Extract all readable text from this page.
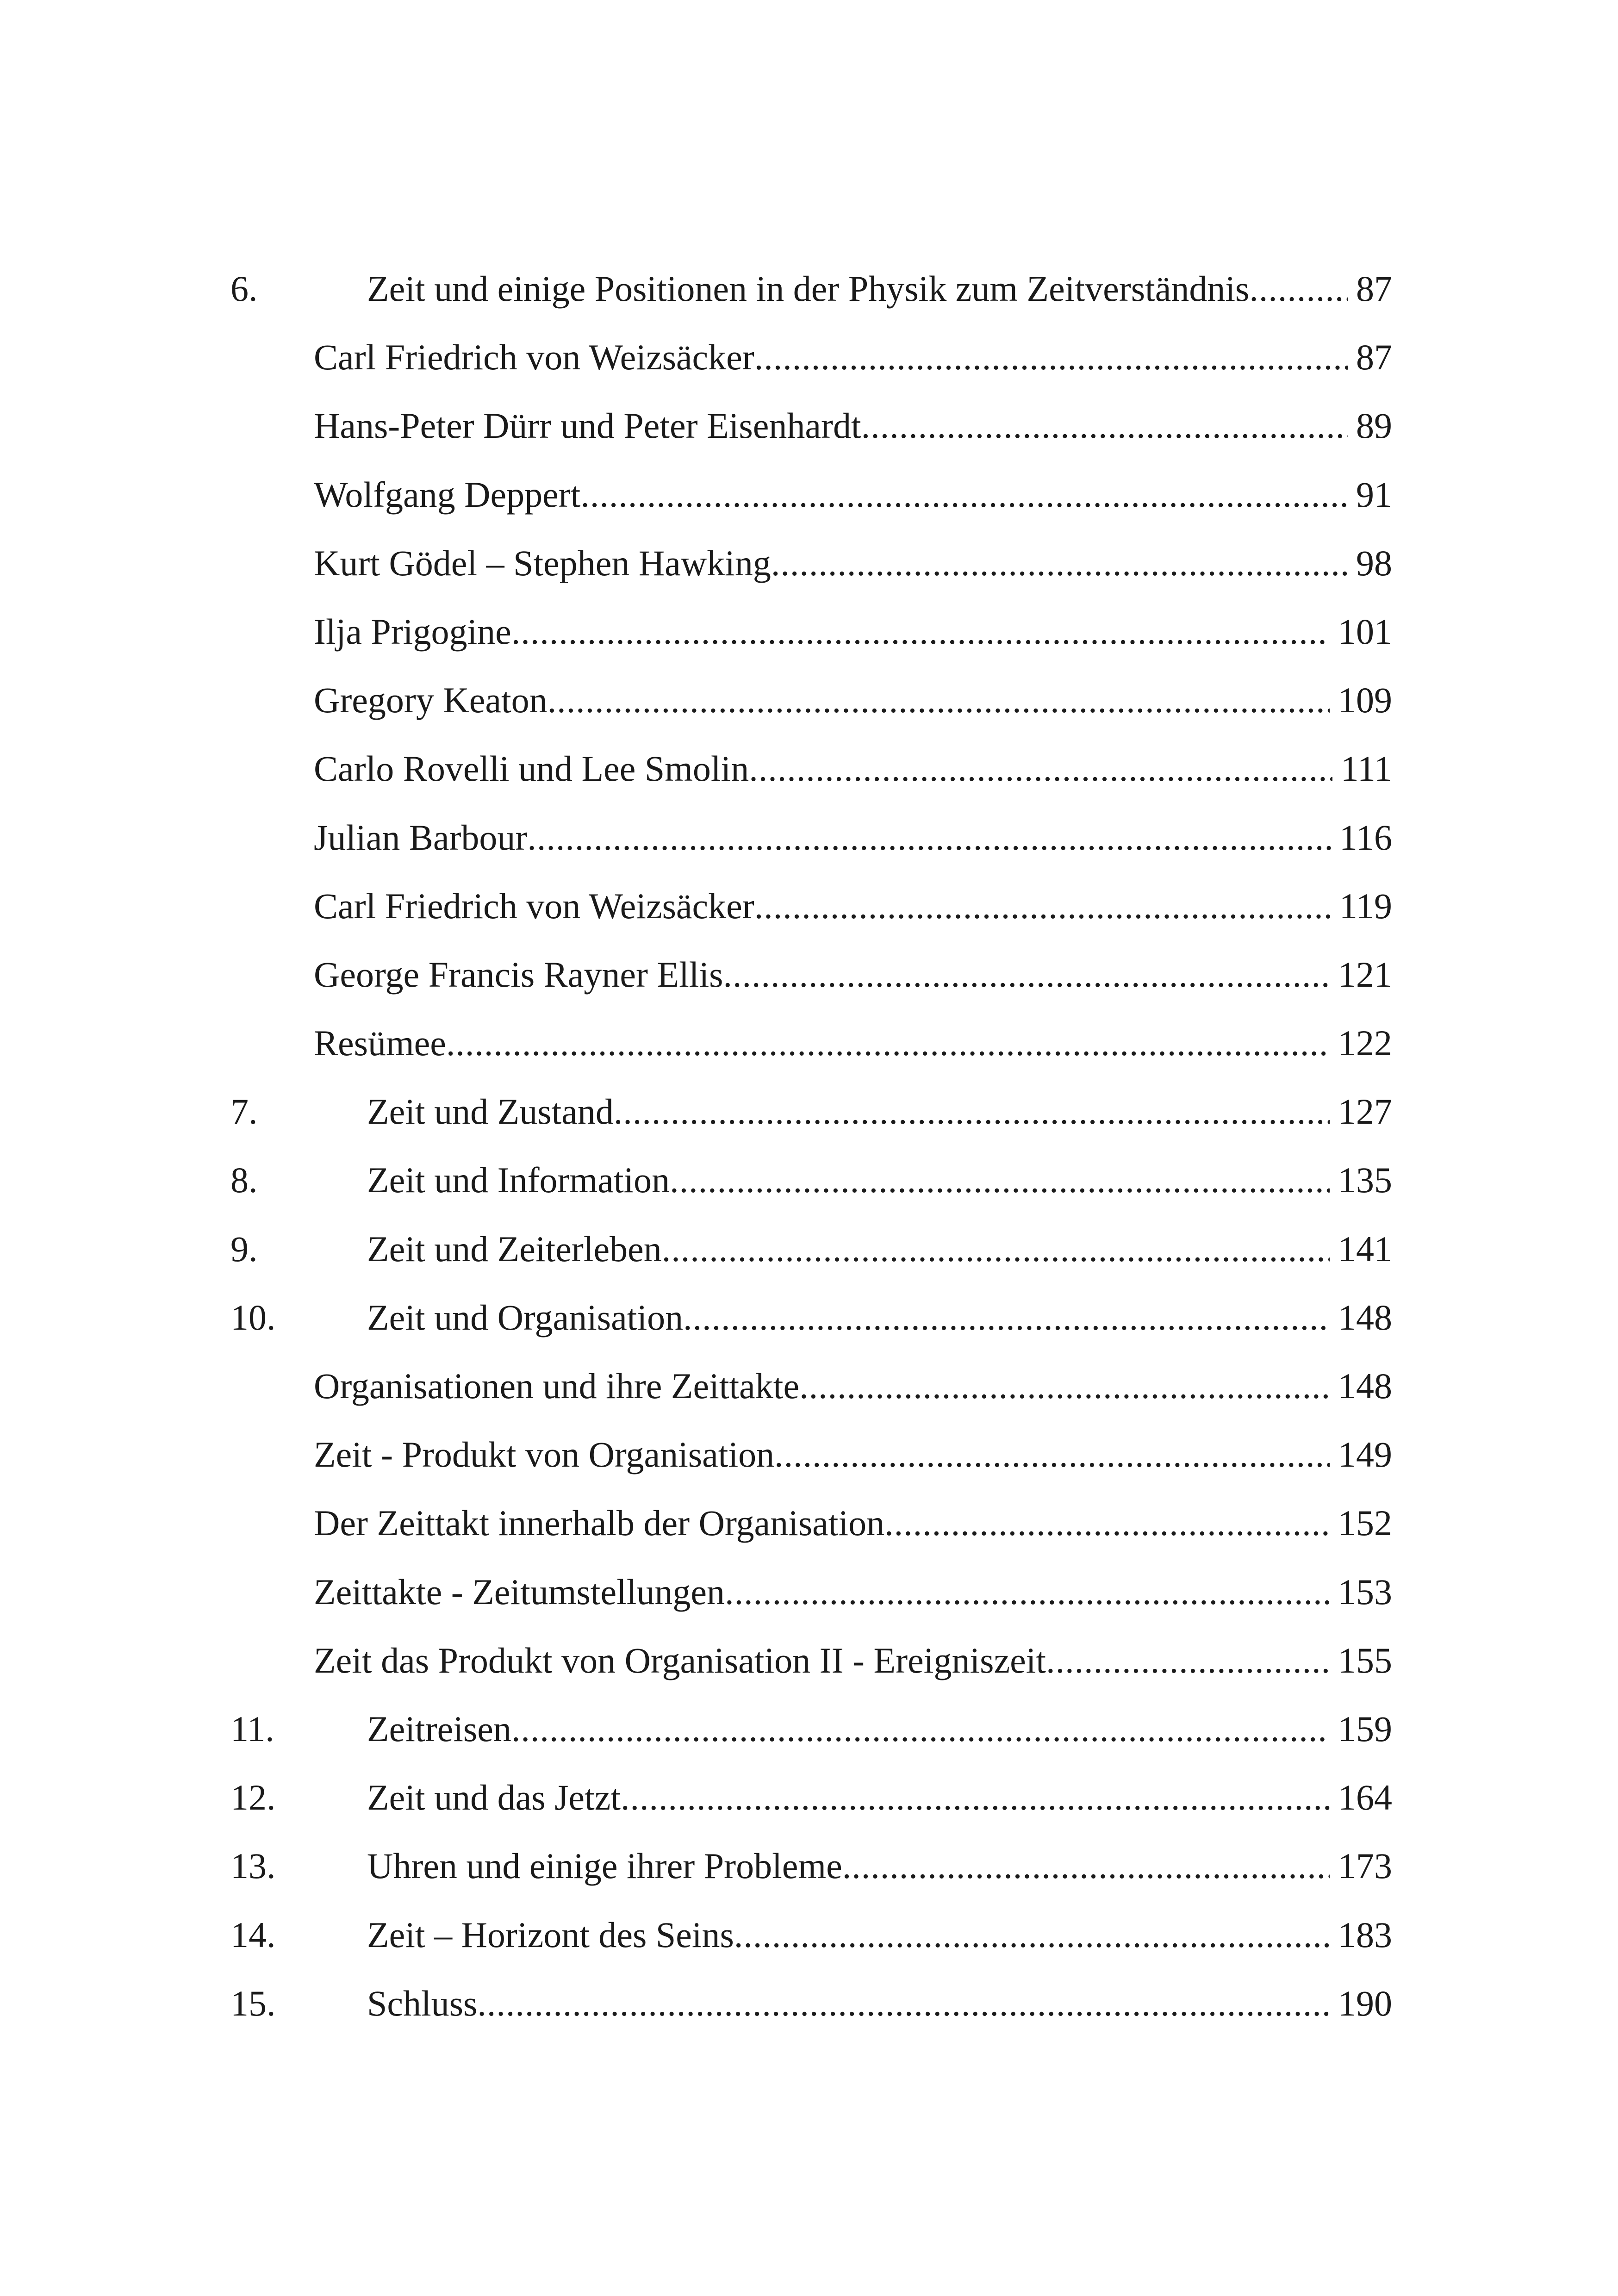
6.	Zeit und einige Positionen in der Physik zum Zeitverständnis .....	87
Carl Friedrich von Weizsäcker .....	87
Hans-Peter Dürr und Peter Eisenhardt .....	89
Wolfgang Deppert .....	91
Kurt Gödel – Stephen Hawking .....	98
Ilja Prigogine .....	101
Gregory Keaton .....	109
Carlo Rovelli und Lee Smolin .....	111
Julian Barbour .....	116
Carl Friedrich von Weizsäcker .....	119
George Francis Rayner Ellis .....	121
Resümee .....	122
7.	Zeit und Zustand .....	127
8.	Zeit und Information .....	135
9.	Zeit und Zeiterleben .....	141
10.	Zeit und Organisation .....	148
Organisationen und ihre Zeittakte .....	148
Zeit - Produkt von Organisation .....	149
Der Zeittakt innerhalb der Organisation .....	152
Zeittakte - Zeitumstellungen .....	153
Zeit das Produkt von Organisation II - Ereigniszeit .....	155
11.	Zeitreisen .....	159
12.	Zeit und das Jetzt .....	164
13.	Uhren und einige ihrer Probleme .....	173
14.	Zeit – Horizont des Seins .....	183
15.	Schluss .....	190
